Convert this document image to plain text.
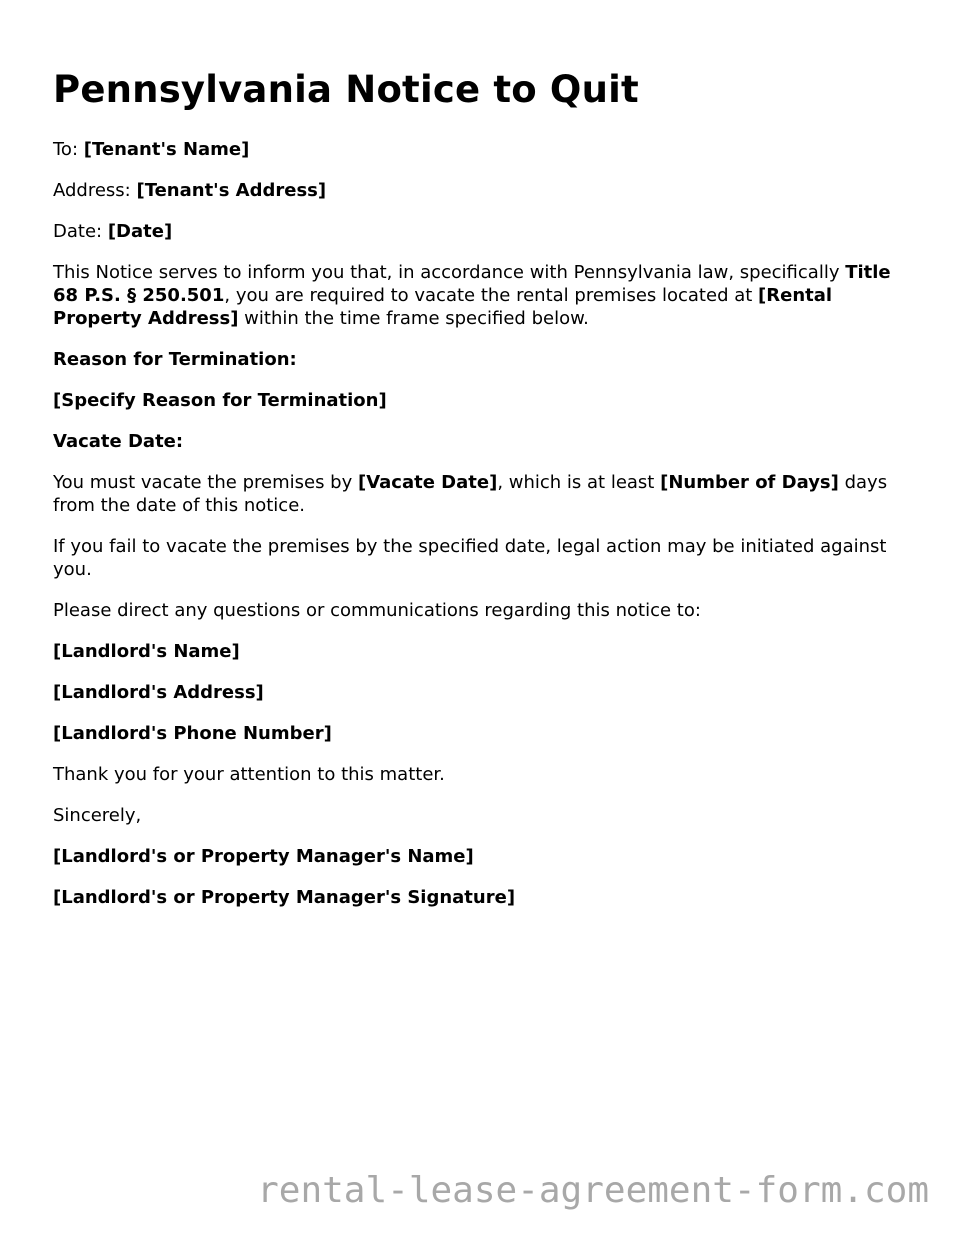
Pennsylvania Notice to Quit

To: [Tenant's Name]

Address: [Tenant's Address]

Date: [Date]

This Notice serves to inform you that, in accordance with Pennsylvania law, specifically Title 68 P.S. § 250.501, you are required to vacate the rental premises located at [Rental Property Address] within the time frame specified below.

Reason for Termination:

[Specify Reason for Termination]

Vacate Date:

You must vacate the premises by [Vacate Date], which is at least [Number of Days] days from the date of this notice.

If you fail to vacate the premises by the specified date, legal action may be initiated against you.

Please direct any questions or communications regarding this notice to:

[Landlord's Name]

[Landlord's Address]

[Landlord's Phone Number]

Thank you for your attention to this matter.

Sincerely,

[Landlord's or Property Manager's Name]

[Landlord's or Property Manager's Signature]

rental-lease-agreement-form.com
